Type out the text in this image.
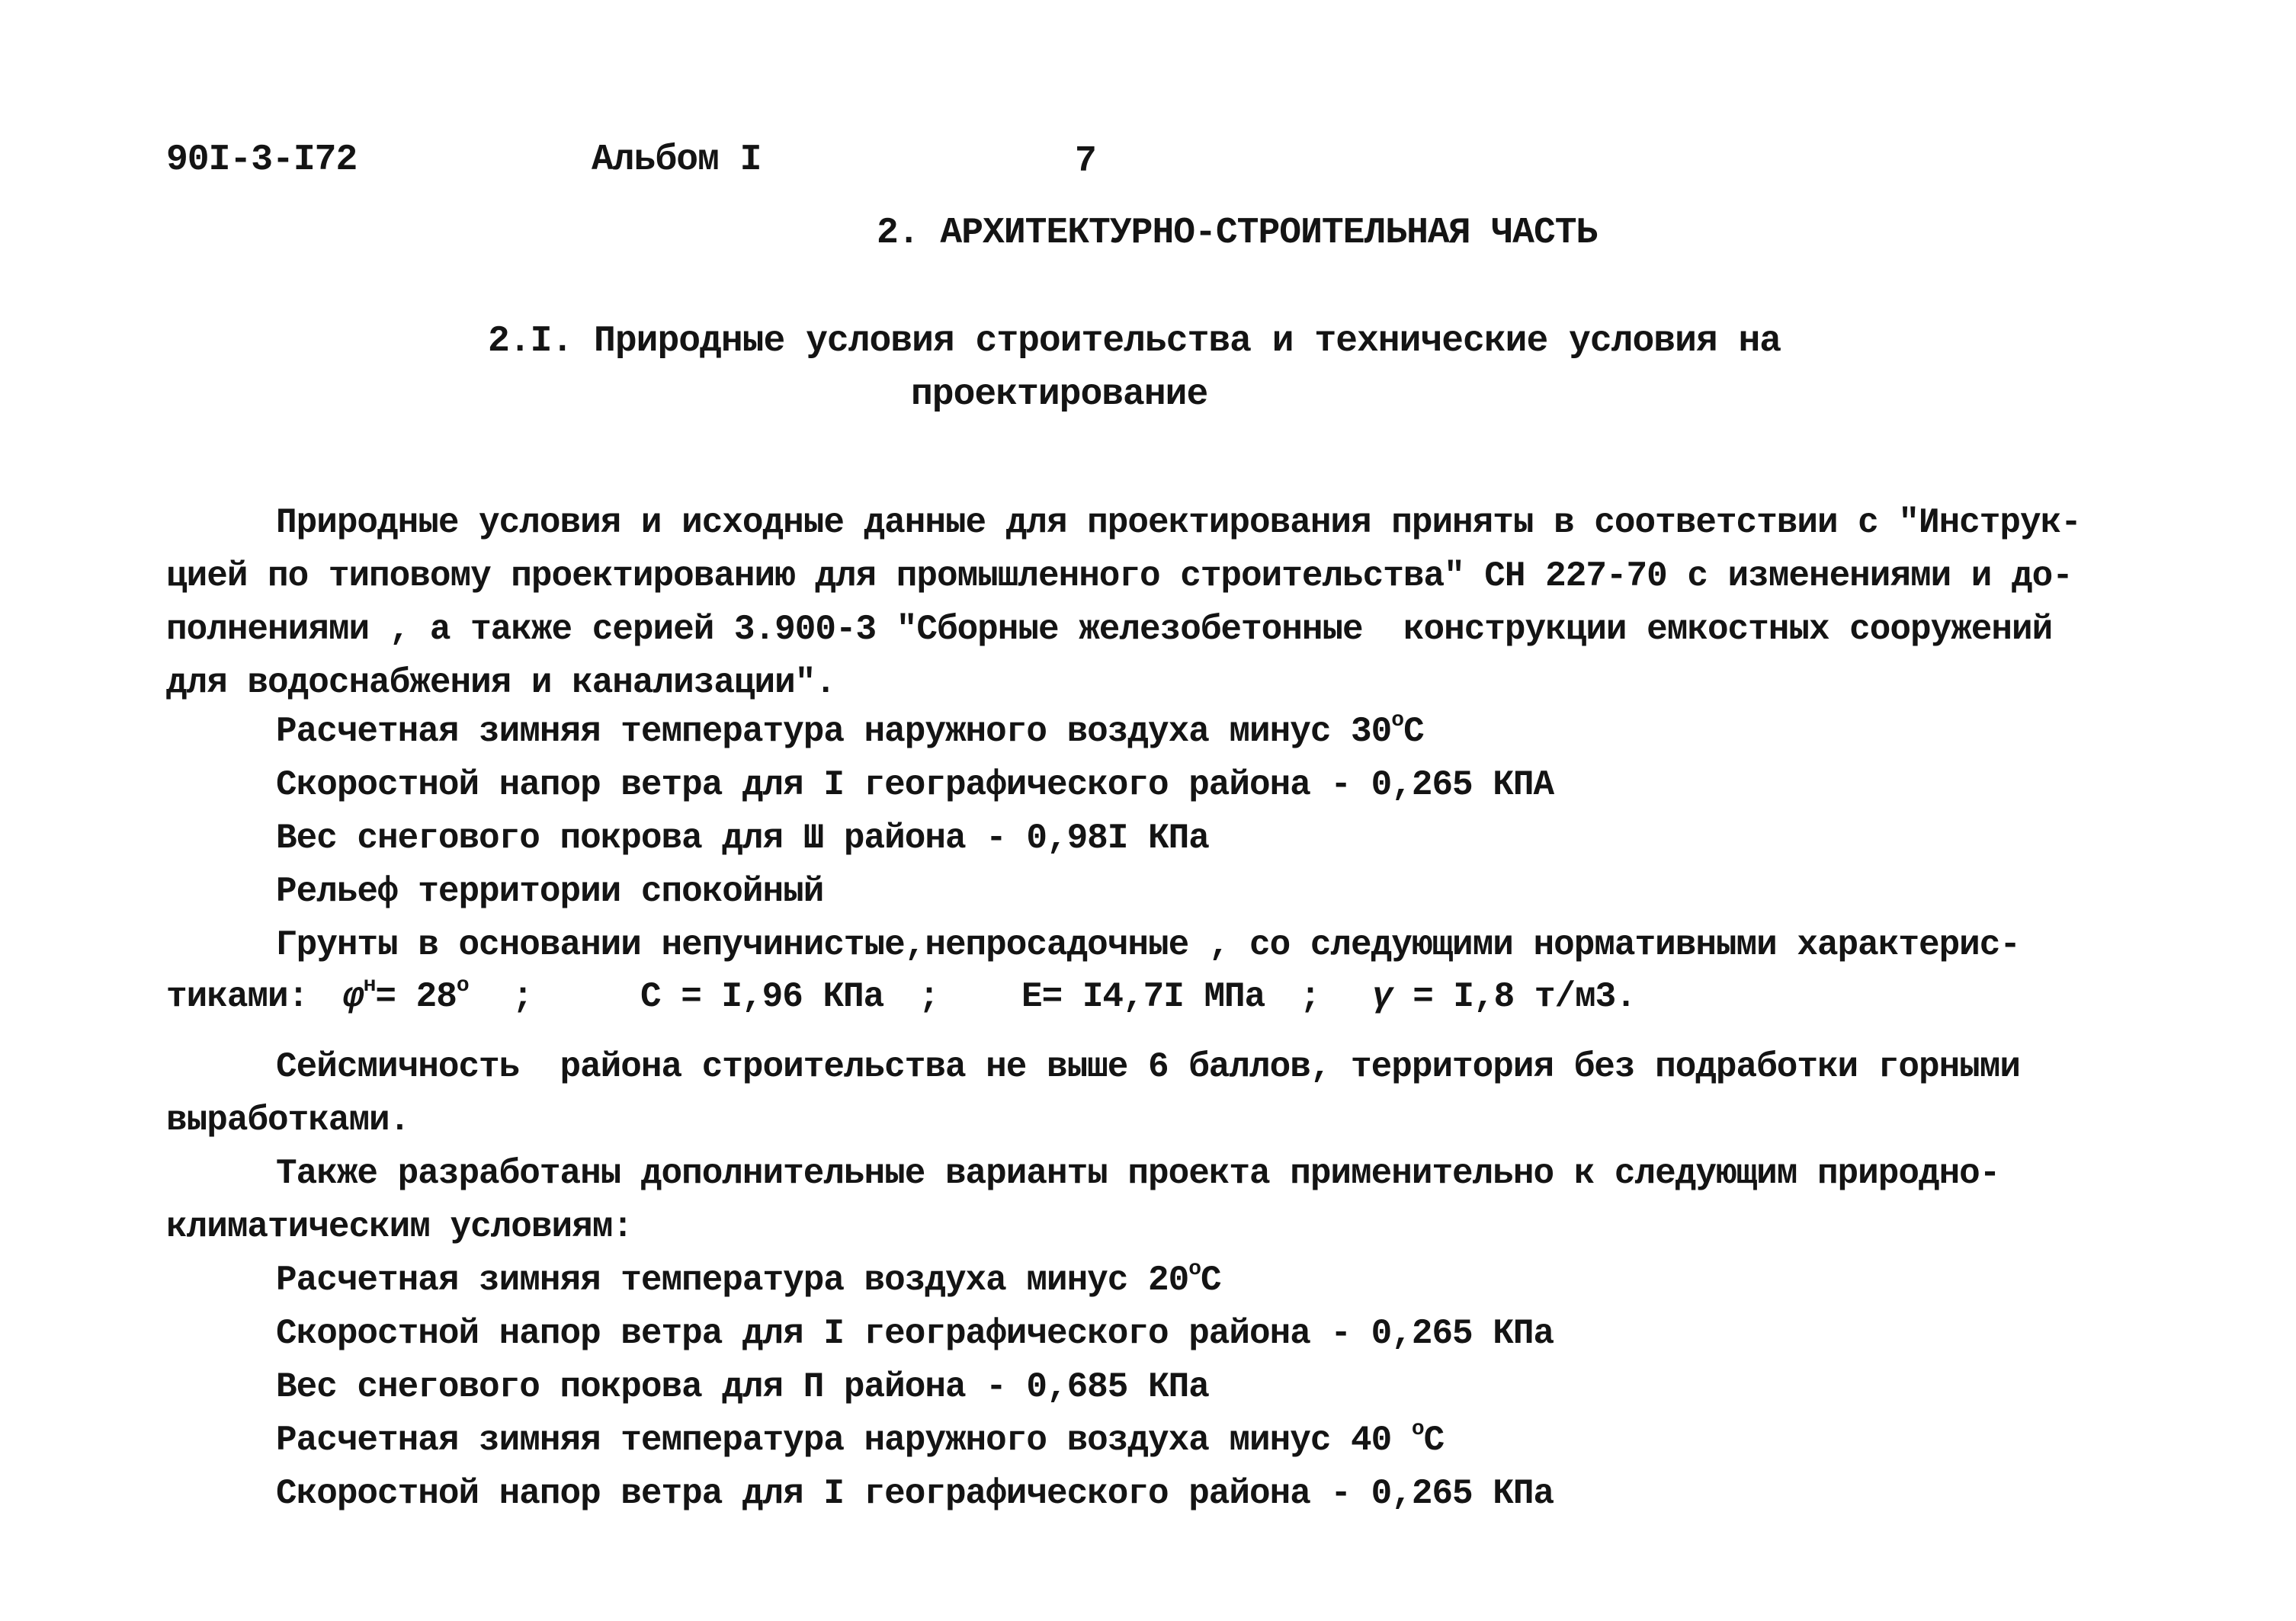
90I-3-I72	Альбом I	7
2. АРХИТЕКТУРНО-СТРОИТЕЛЬНАЯ ЧАСТЬ
2.I. Природные условия строительства и технические условия на
проектирование
Природные условия и исходные данные для проектирования приняты в соответствии с "Инструк-
цией по типовому проектированию для промышленного строительства" СН 227-70 с изменениями и до-
полнениями , а также серией 3.900-3 "Сборные железобетонные  конструкции емкостных сооружений
для водоснабжения и канализации".
Расчетная зимняя температура наружного воздуха минус $30^оС$
Скоростной напор ветра для I географического района - 0,265 КПА
Вес снегового покрова для Ш района - 0,98I КПа
Рельеф территории спокойный
Грунты в основании непучинистые,непросадочные , со следующими нормативными характерис-
тиками: $\varphi^н= 28^о$ ;	С = I,96 КПа ; Е= I4,7I МПа ; γ = I,8 т/м3.
Сейсмичность  района строительства не выше 6 баллов, территория без подработки горными
выработками.
Также разработаны дополнительные варианты проекта применительно к следующим природно-
климатическим условиям:
Расчетная зимняя температура воздуха минус $20^оС$
Скоростной напор ветра для I географического района - 0,265 КПа
Вес снегового покрова для П района - 0,685 КПа
Расчетная зимняя температура наружного воздуха минус 40 $^о$С
Скоростной напор ветра для I географического района - 0,265 КПа
